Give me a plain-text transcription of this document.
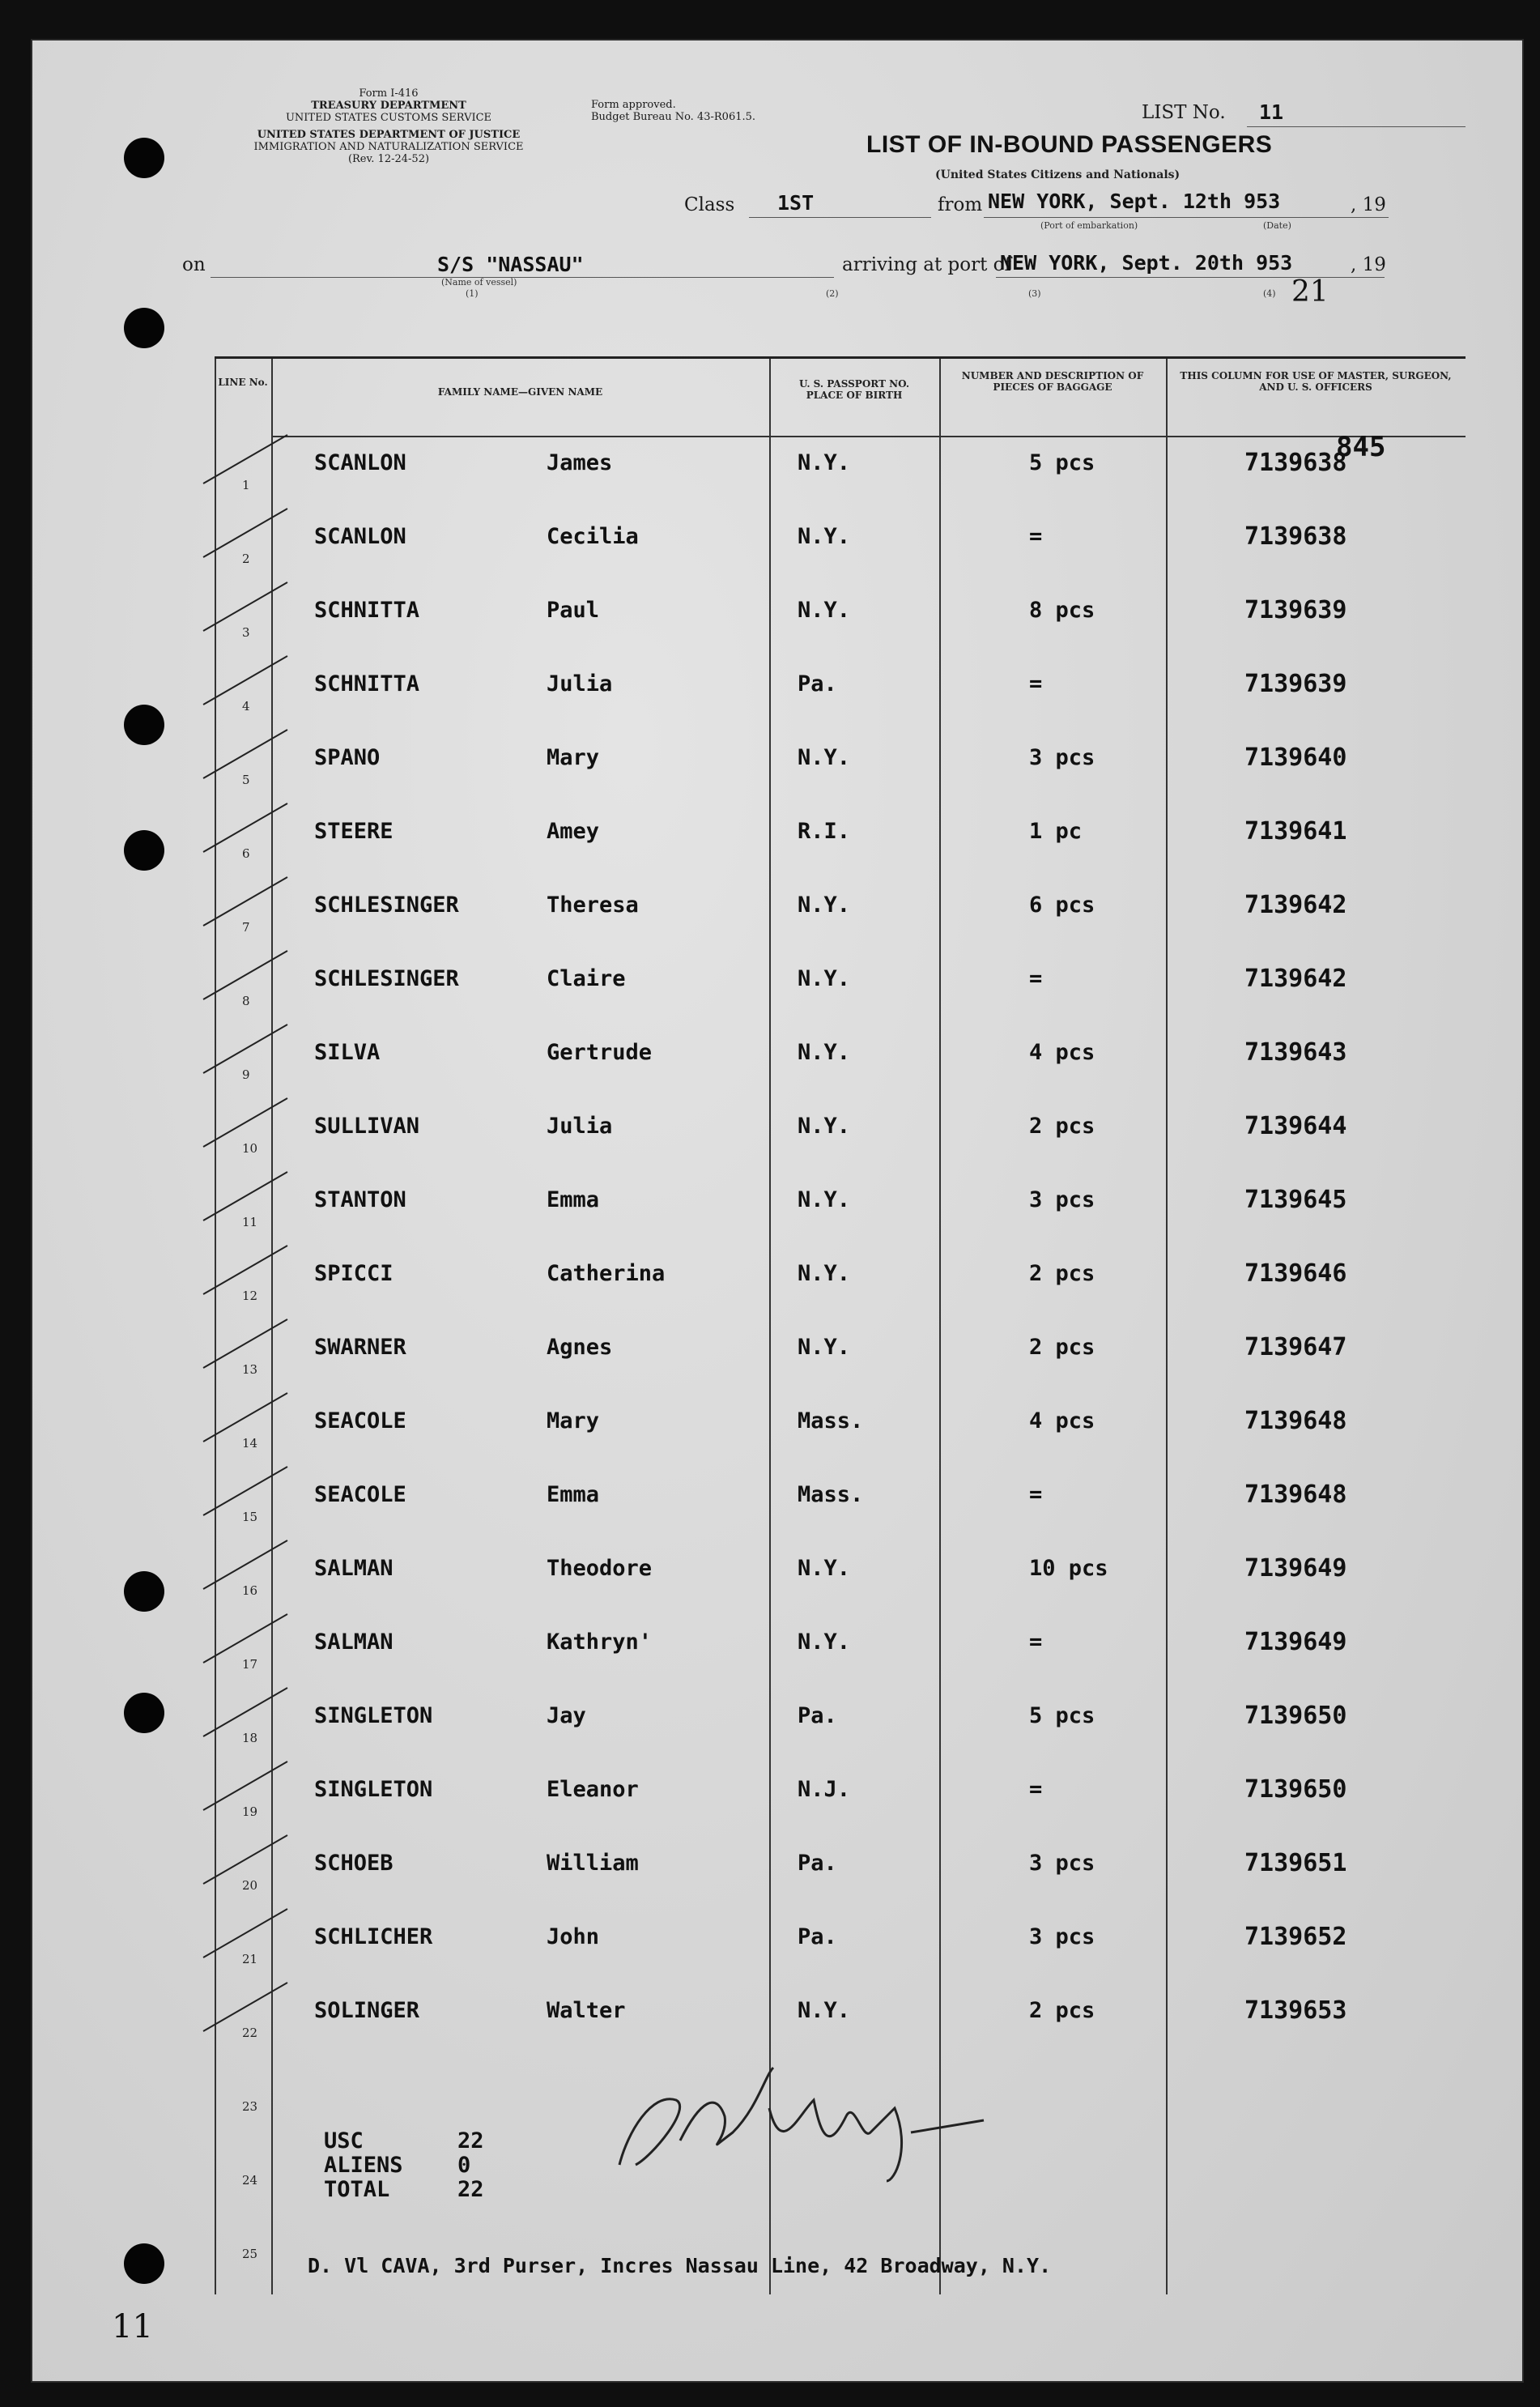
Form I-416
TREASURY DEPARTMENT
UNITED STATES CUSTOMS SERVICE
UNITED STATES DEPARTMENT OF JUSTICE
IMMIGRATION AND NATURALIZATION SERVICE
(Rev. 12-24-52)
Form approved.
Budget Bureau No. 43-R061.5.	LIST No. 11
LIST OF IN-BOUND PASSENGERS
(United States Citizens and Nationals)
Class 1ST	from NEW YORK, Sept. 12th 953	, 19
(Port of embarkation)	(Date)
on	S/S "NASSAU"
(Name of vessel)
(1)
arriving at port of
NEW YORK, Sept. 20th 953	, 19
(2)	(3)	(4) 21
LINE No.
FAMILY NAME—GIVEN NAME
U. S. PASSPORT NO. PLACE OF BIRTH
NUMBER AND DESCRIPTION OF PIECES OF BAGGAGE
THIS COLUMN FOR USE OF MASTER, SURGEON, AND U. S. OFFICERS
1
SCANLON	James	N.Y.	5 pcs	7139638
2
SCANLON	Cecilia	N.Y.	=	7139638
3
SCHNITTA	Paul	N.Y.	8 pcs	7139639
4
SCHNITTA	Julia	Pa.	=	7139639
5
SPANO	Mary	N.Y.	3 pcs	7139640
6
STEERE	Amey	R.I.	1 pc	7139641
7
SCHLESINGER	Theresa	N.Y.	6 pcs	7139642
8
SCHLESINGER	Claire	N.Y.	=	7139642
9
SILVA	Gertrude	N.Y.	4 pcs	7139643
10
SULLIVAN	Julia	N.Y.	2 pcs	7139644
11
STANTON	Emma	N.Y.	3 pcs	7139645
12
SPICCI	Catherina	N.Y.	2 pcs	7139646
13
SWARNER	Agnes	N.Y.	2 pcs	7139647
14
SEACOLE	Mary	Mass.	4 pcs	7139648
15
SEACOLE	Emma	Mass.	=	7139648
16
SALMAN	Theodore	N.Y.	10 pcs	7139649
17
SALMAN	Kathryn'	N.Y.	=	7139649
18
SINGLETON	Jay	Pa.	5 pcs	7139650
19
SINGLETON	Eleanor	N.J.	=	7139650
20
SCHOEB	William	Pa.	3 pcs	7139651
21
SCHLICHER	John	Pa.	3 pcs	7139652
22
SOLINGER	Walter	N.Y.	2 pcs	7139653
23
24
25
USC	22
ALIENS 0
TOTAL	22
D. Vl CAVA, 3rd Purser, Incres Nassau Line, 42 Broadway, N.Y.
845
11
